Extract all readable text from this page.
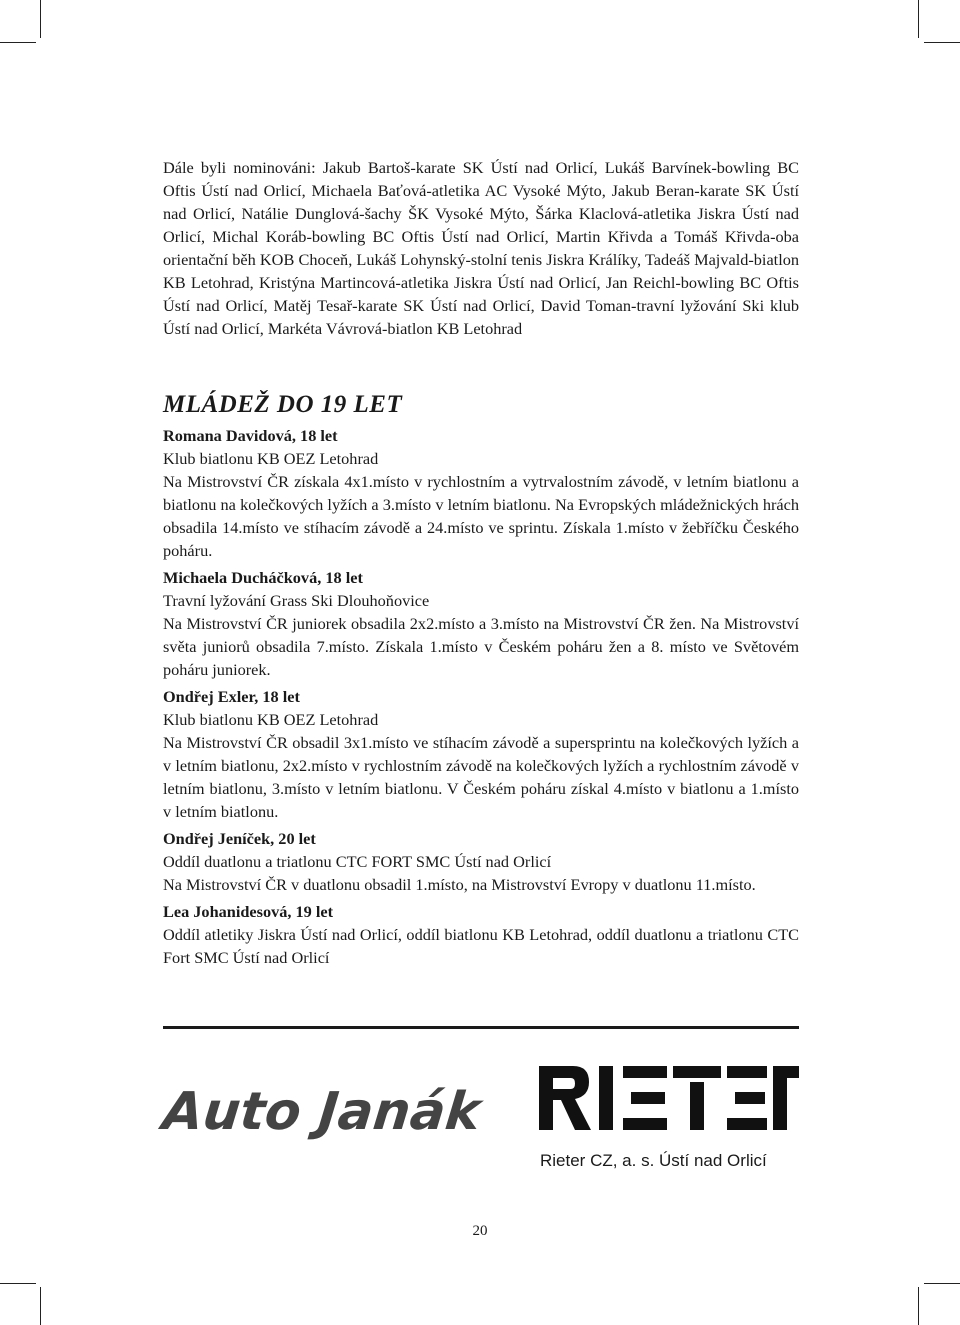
Dále byli nominováni: Jakub Bartoš-karate SK Ústí nad Orlicí, Lukáš Barvínek-bowling BC Oftis Ústí nad Orlicí, Michaela Baťová-atletika AC Vysoké Mýto, Jakub Beran-karate SK Ústí nad Orlicí, Natálie Dunglová-šachy ŠK Vysoké Mýto, Šárka Klaclová-atletika Jiskra Ústí nad Orlicí, Michal Koráb-bowling BC Oftis Ústí nad Orlicí, Martin Křivda a Tomáš Křivda-oba orientační běh KOB Choceň, Lukáš Lohynský-stolní tenis Jiskra Králíky, Tadeáš Majvald-biatlon KB Letohrad, Kristýna Martincová-atletika Jiskra Ústí nad Orlicí, Jan Reichl-bowling BC Oftis Ústí nad Orlicí, Matěj Tesař-karate SK Ústí nad Orlicí, David Toman-travní lyžování Ski klub Ústí nad Orlicí, Markéta Vávrová-biatlon KB Letohrad

MLÁDEŽ DO 19 LET
Romana Davidová, 18 let
Klub biatlonu KB OEZ Letohrad

Na Mistrovství ČR získala 4x1.místo v rychlostním a vytrvalostním závodě, v letním biatlonu a biatlonu na kolečkových lyžích a 3.místo v letním biatlonu. Na Evropských mládežnických hrách obsadila 14.místo ve stíhacím závodě a 24.místo ve sprintu. Získala 1.místo v žebříčku Českého poháru.

Michaela Ducháčková, 18 let
Travní lyžování Grass Ski Dlouhoňovice

Na Mistrovství ČR juniorek obsadila 2x2.místo a 3.místo na Mistrovství ČR žen. Na Mistrovství světa juniorů obsadila 7.místo. Získala 1.místo v Českém poháru žen a 8. místo ve Světovém poháru juniorek.

Ondřej Exler, 18 let
Klub biatlonu KB OEZ Letohrad

Na Mistrovství ČR obsadil 3x1.místo ve stíhacím závodě a supersprintu na kolečkových lyžích a v letním biatlonu, 2x2.místo v rychlostním závodě na kolečkových lyžích a rychlostním závodě v letním biatlonu, 3.místo v letním biatlonu. V Českém poháru získal 4.místo v biatlonu a 1.místo v letním biatlonu.

Ondřej Jeníček, 20 let
Oddíl duatlonu a triatlonu CTC FORT SMC Ústí nad Orlicí

Na Mistrovství ČR v duatlonu obsadil 1.místo, na Mistrovství Evropy v duatlonu 11.místo.

Lea Johanidesová, 19 let

Oddíl atletiky Jiskra Ústí nad Orlicí, oddíl biatlonu KB Letohrad, oddíl duatlonu a triatlonu CTC Fort SMC Ústí nad Orlicí

Auto Janák
Rieter CZ, a. s. Ústí nad Orlicí
20
